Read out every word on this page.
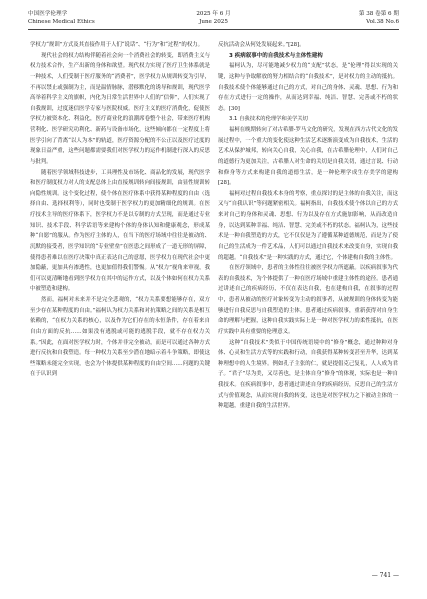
中国医学伦理学
Chinese Medical Ethics
2025 年 6 月
June 2025
第 38 卷第 6 期
Vol.38 No.6

学权力“规训”方式及其直接作用于人们“说话”、“行为”和“过程”的权力。

现代社会的权力结构伴随着社会向一个消费社会的转变，即消费主义与权力技术合作，生产出新的身体和欲望。现代权力实现了医疗卫生体系就是一种技术，人们受制于医疗服务的“消费者”，医学权力从规训转变为引导，不再以禁止或强制为主，而是温情脉脉，潜移默化的诱导和规训，现代医学高举着科学主义的旗帜，内化为日常生活世界中人们的“信仰”，人们实现了自我规训，过度迷信医学专家与医院权威。医疗主义的医疗消费化，促使医学权力被资本化、利益化，医疗商业化的浪潮席卷整个社会，带来医疗机构营利化、医学研究功利化、新药与设备市场化，这些倾向都在一定程度上将医学引向了背离“以人为本”的轨道，医疗资源分配的不公正以及医疗过度的现象日益严重，这些问题都需要我们对医学权力的运作机制进行深入的反思与批判。

随着医学领域科技进步，工具理性及市场化、商品化的发展，现代医学和医疗制度权力对人的支配总体上由直接规训转向间接规训，由显性规训转向隐性规训。这个变化过程，使个体在医疗体系中获得某种程度的自由（选择自由、选择权利等），同时也受制于医学权力的更加精细化的规训。在医疗技术主导的医疗体系下，医学权力不是以专制的方式呈现，而是通过专业知识、技术手段、科学话语等来建构个体的身体认知和健康观念，形成某种“自愿”的服从。作为医疗主体的人，在当下的医疗场域中往往是被动的、沉默的接受者，医学知识的“专业壁垒”在医患之间形成了一道无形的屏障，使得患者难以在医疗决策中真正表达自己的意愿，医学权力在现代社会中更加隐蔽，更加具有渗透性，也更加值得我们警惕。从“权力”视角来审视，我们可以更清晰地看到医学权力在其中的运作方式，以及个体如何在权力关系中被塑造和建构。

然而，福柯对未来并不是完全悲观的，“权力关系要想能够存在，双方至少存在某种程度的自由。”福柯认为权力关系和对抗策略之间的关系是相互依赖的，“在权力关系的核心，以及作为它们存在的永恒条件，存在着来自自由方面的反抗……如果没有逃脱或可能的逃脱手段，就不存在权力关系。”因此，在面对医学权力时，个体并非完全被动，而是可以通过各种方式进行反抗和自我塑造。每一种权力关系至少潜在地暗示着斗争策略，即使这些策略未能完全实现，也会为个体提供某种程度的自由空间……问题的关键在于认识到

反抗活动会从何处发展起来。”[28]。

3 疾病叙事中的自我技术与主体性建构

福柯认为，尽可能地减少权力的“支配”状态，是“伦理”得以实现的关键，这种与争取解放的努力相结合的“自我技术”，是对权力的主动的抵抗。自我技术使个体能够通过自己的方式，对自己的身体、灵魂、思想、行为和存在方式进行一定的操作，从而达到幸福、纯洁、智慧、完善或不朽的状态。[30]

3.1 自我技术的伦理学和美学关切

福柯在晚期转向了对古希腊-罗马文化的研究，发现在西方古代文化的发展过程中，一个重大的变化使这种生活艺术逐渐演变成为自我技术，生活的艺术从保护城邦，转向关心自我，关心自我，在古希腊伦理中，人们对自己的道德行为更加关注，古希腊人对生命的关切是自我关切，通过言说、行动和修身等方式来构建自我的道德生活，是一种伦理学成生存美学的建构[28]。

福柯对过程自我技术本身的考察，重点探讨的是主体的自我关注，而这又与“自我认识”等问题紧密相关。福柯指出，自我技术使个体以自己的方式来对自己的身体和灵魂、思想、行为以及存在方式施加影响，从而改造自身，以达到某种幸福、纯洁、智慧、完美或不朽的状态。福柯认为，这些技术是一种自我塑造的方式，它不仅仅是为了遵循某种道德规范，而是为了使自己的生活成为一件艺术品，人们可以通过自我技术来改变自身，实现自我的超越。“自我技术”是一种实践的方式，通过它，个体建构自我的主体性。

在医疗领域中，患者的主体性往往被医学权力所遮蔽。以疾病叙事为代表的自我技术，为个体提供了一种在医疗场域中重建主体性的途径。患者通过讲述自己的疾病经历，不仅在表达自我，也在建构自我，在叙事的过程中，患者从被动的医疗对象转变为主动的叙事者，从被规训的身体转变为能够进行自我反思与自我塑造的主体。患者通过疾病叙事，重新获得对自身生命的理解与把握，这种自我实践实际上是一种对医学权力的柔性抵抗，在医疗实践中具有重要的伦理意义。

这种“自我技术”类似于中国传统语境中的“修身”概念，通过种种对身体、心灵和生活方式等的实践和行动，自我获得某种转变甚至升华，达到某种理想中的人生境界。例如孔子主张的仁，就是提倡克己复礼，人人成为君子。“君子”尽为美，又尽善也，是主体自身“修身”的体现，实际也是一种自我技术。在疾病叙事中，患者通过讲述自身的疾病经历，反思自己的生活方式与价值观念，从而实现自我的转变，这也是对医学权力之下被动主体的一种超越，重建自我的生活世界。

— 741 —
